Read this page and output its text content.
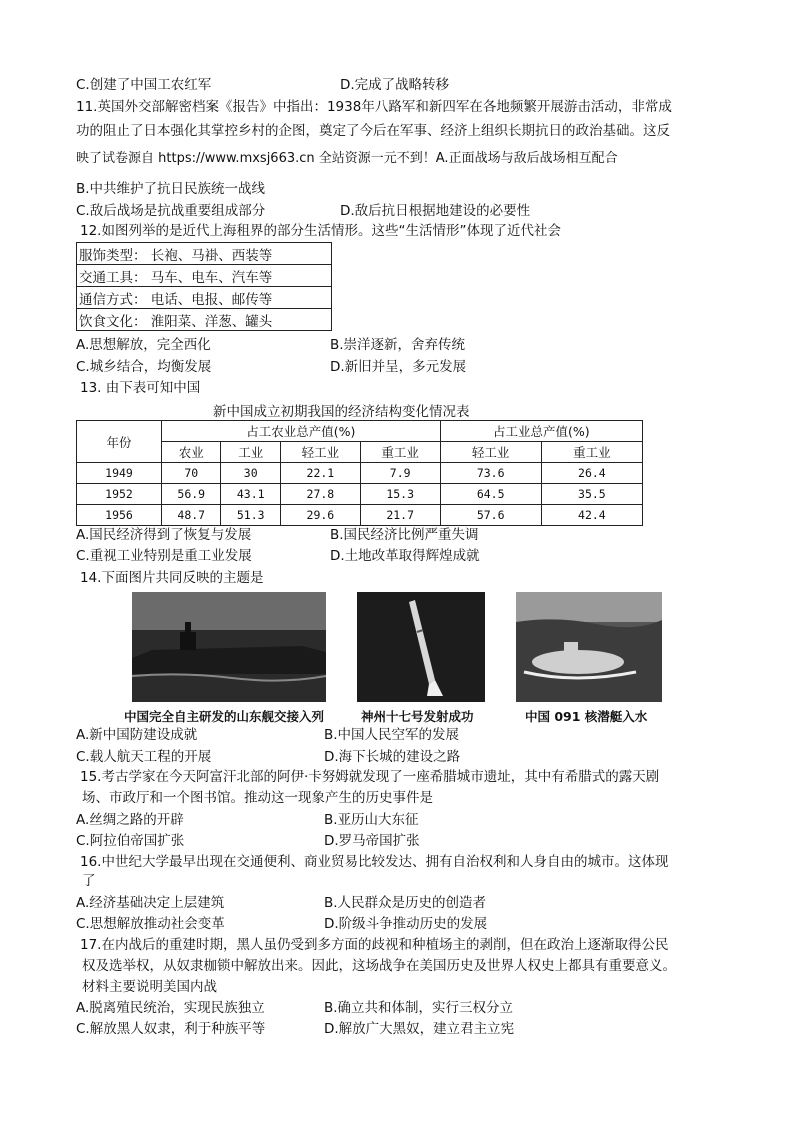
C.创建了中国工农红军	D.完成了战略转移
11.英国外交部解密档案《报告》中指出：1938年八路军和新四军在各地频繁开展游击活动，非常成
功的阻止了日本强化其掌控乡村的企图，奠定了今后在军事、经济上组织长期抗日的政治基础。这反
映了试卷源自 https://www.mxsj663.cn 全站资源一元不到！A.正面战场与敌后战场相互配合
B.中共维护了抗日民族统一战线
C.敌后战场是抗战重要组成部分	D.敌后抗日根据地建设的必要性
12.如图列举的是近代上海租界的部分生活情形。这些“生活情形”体现了近代社会
服饰类型： 长袍、马褂、西装等
交通工具： 马车、电车、汽车等
通信方式： 电话、电报、邮传等
饮食文化： 淮阳菜、洋葱、罐头
A.思想解放，完全西化	B.崇洋逐新，舍弃传统
C.城乡结合，均衡发展	D.新旧并呈，多元发展
13. 由下表可知中国
新中国成立初期我国的经济结构变化情况表
年份	占工农业总产值(%)				占工业总产值(%)	
	农业	工业	轻工业	重工业	轻工业	重工业
1949	70	30	22.1	7.9	73.6	26.4
1952	56.9	43.1	27.8	15.3	64.5	35.5
1956	48.7	51.3	29.6	21.7	57.6	42.4
A.国民经济得到了恢复与发展	B.国民经济比例严重失调
C.重视工业特别是重工业发展	D.土地改革取得辉煌成就
14.下面图片共同反映的主题是
中国完全自主研发的山东舰交接入列	神州十七号发射成功	中国 091 核潜艇入水
A.新中国防建设成就	B.中国人民空军的发展
C.载人航天工程的开展	D.海下长城的建设之路
15.考古学家在今天阿富汗北部的阿伊·卡努姆就发现了一座希腊城市遗址，其中有希腊式的露天剧
场、市政厅和一个图书馆。推动这一现象产生的历史事件是
A.丝绸之路的开辟	B.亚历山大东征
C.阿拉伯帝国扩张	D.罗马帝国扩张
16.中世纪大学最早出现在交通便利、商业贸易比较发达、拥有自治权利和人身自由的城市。这体现
了
A.经济基础决定上层建筑	B.人民群众是历史的创造者
C.思想解放推动社会变革	D.阶级斗争推动历史的发展
17.在内战后的重建时期，黑人虽仍受到多方面的歧视和种植场主的剥削，但在政治上逐渐取得公民
权及选举权，从奴隶枷锁中解放出来。因此，这场战争在美国历史及世界人权史上都具有重要意义。
材料主要说明美国内战
A.脱离殖民统治，实现民族独立	B.确立共和体制，实行三权分立
C.解放黑人奴隶，利于种族平等	D.解放广大黑奴，建立君主立宪
